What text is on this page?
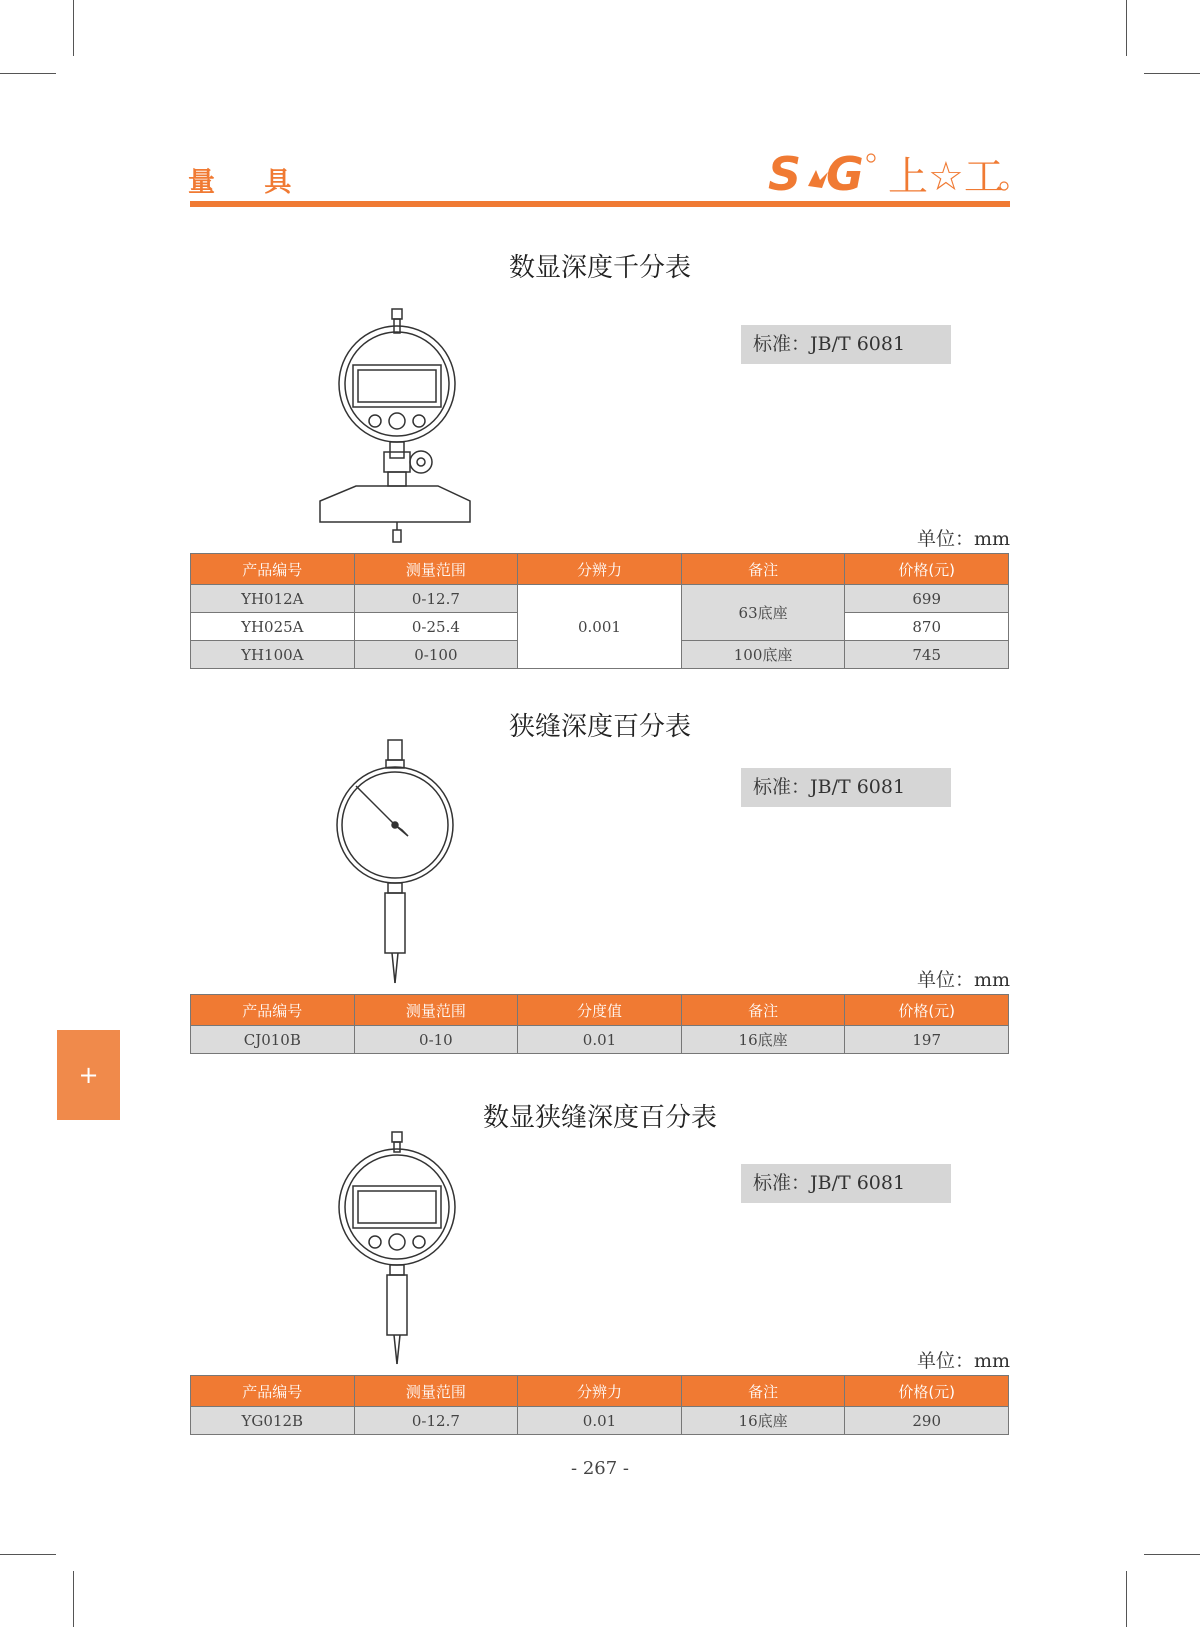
量 具	S G 上☆工
数显深度千分表
标准：JB/T 6081
单位：mm
产品编号	测量范围	分辨力	备注	价格(元)
YH012A	0-12.7	0.001	63底座	699
YH025A	0-25.4			870
YH100A	0-100		100底座	745
狭缝深度百分表
标准：JB/T 6081
单位：mm
产品编号	测量范围	分度值	备注	价格(元)
CJ010B	0-10	0.01	16底座	197
+
数显狭缝深度百分表
标准：JB/T 6081
单位：mm
产品编号	测量范围	分辨力	备注	价格(元)
YG012B	0-12.7	0.01	16底座	290
- 267 -
